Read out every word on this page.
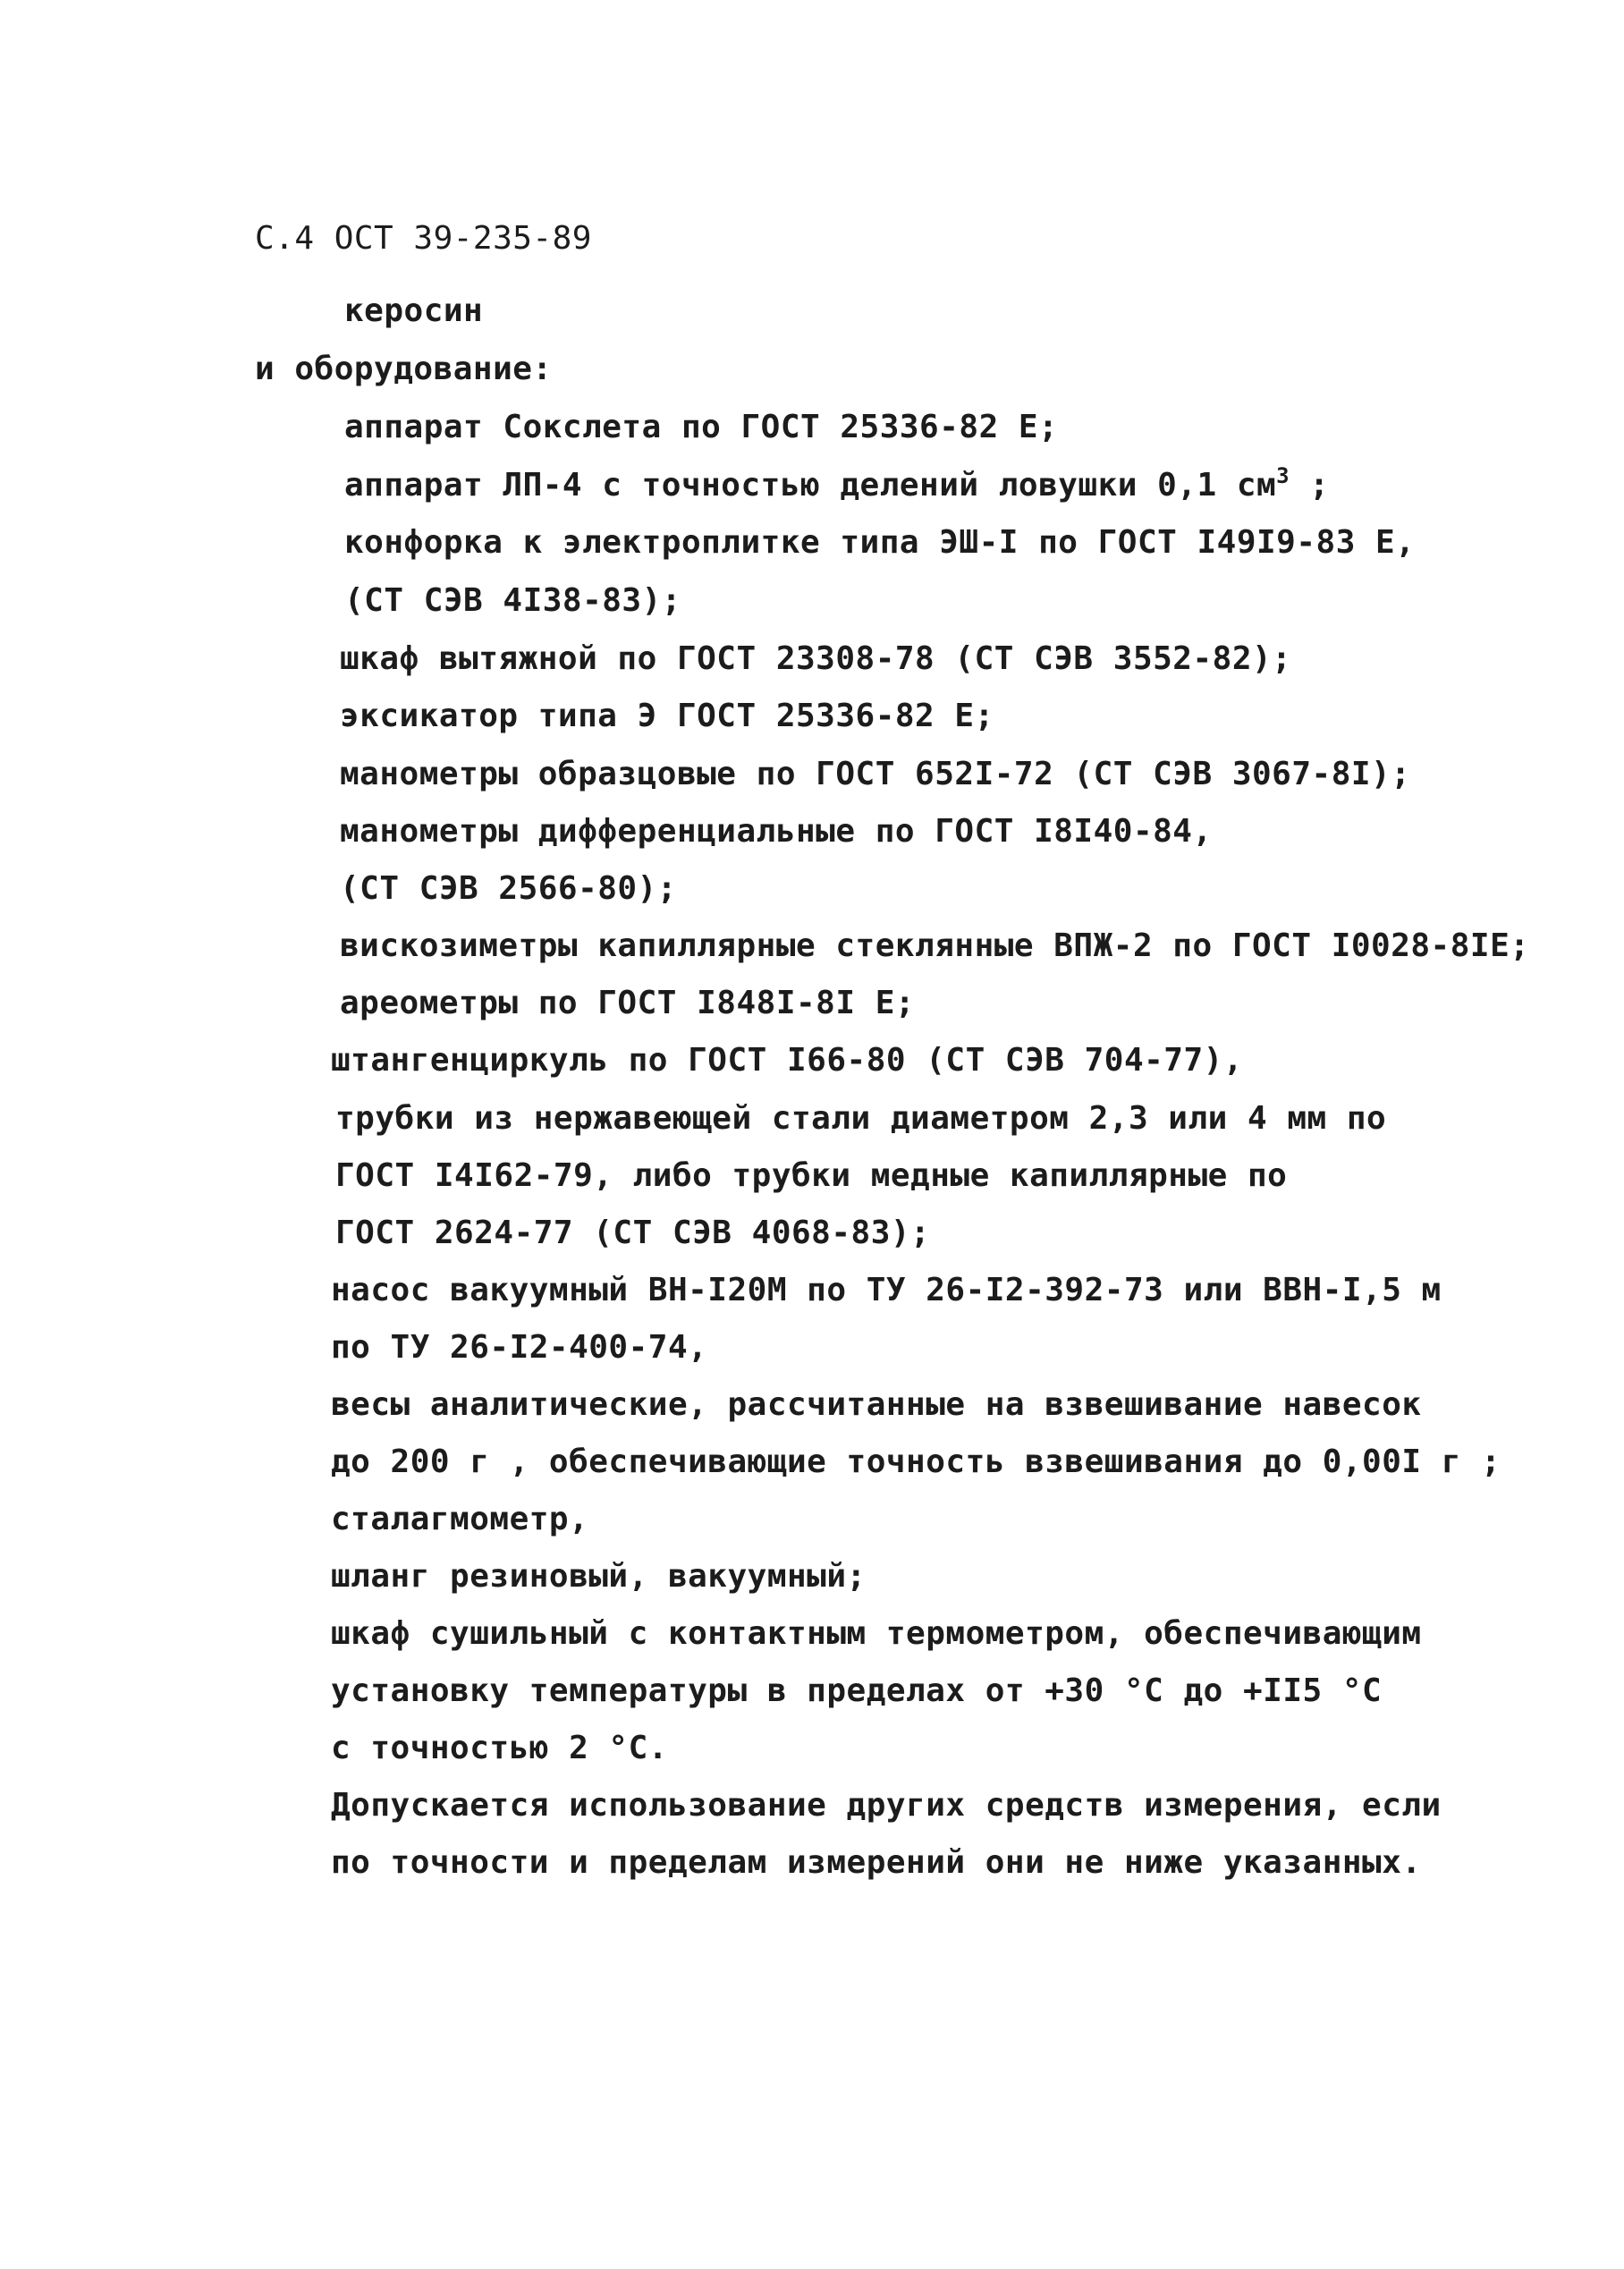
С.4 ОСТ 39-235-89
керосин
и оборудование:
аппарат Сокслета по ГОСТ 25336-82 Е;
аппарат ЛП-4 с точностью делений ловушки 0,1 $см^3$ ;
конфорка к электроплитке типа ЭШ-I по ГОСТ I49I9-83 Е,
(СТ СЭВ 4I38-83);
шкаф вытяжной по ГОСТ 23308-78 (СТ СЭВ 3552-82);
эксикатор типа Э ГОСТ 25336-82 Е;
манометры образцовые по ГОСТ 652I-72 (СТ СЭВ 3067-8I);
манометры дифференциальные по ГОСТ I8I40-84,
(СТ СЭВ 2566-80);
вискозиметры капиллярные стеклянные ВПЖ-2 по ГОСТ I0028-8IЕ;
ареометры по ГОСТ I848I-8I Е;
штангенциркуль по ГОСТ I66-80 (СТ СЭВ 704-77),
трубки из нержавеющей стали диаметром 2,3 или 4 мм по
ГОСТ I4I62-79, либо трубки медные капиллярные по
ГОСТ 2624-77 (СТ СЭВ 4068-83);
насос вакуумный ВН-I20М по ТУ 26-I2-392-73 или ВВН-I,5 м
по ТУ 26-I2-400-74,
весы аналитические, рассчитанные на взвешивание навесок
до 200 г , обеспечивающие точность взвешивания до 0,00I г ;
сталагмометр,
шланг резиновый, вакуумный;
шкаф сушильный с контактным термометром, обеспечивающим
установку температуры в пределах от +30 °С до +II5 °С
с точностью 2 °С.
Допускается использование других средств измерения, если
по точности и пределам измерений они не ниже указанных.
